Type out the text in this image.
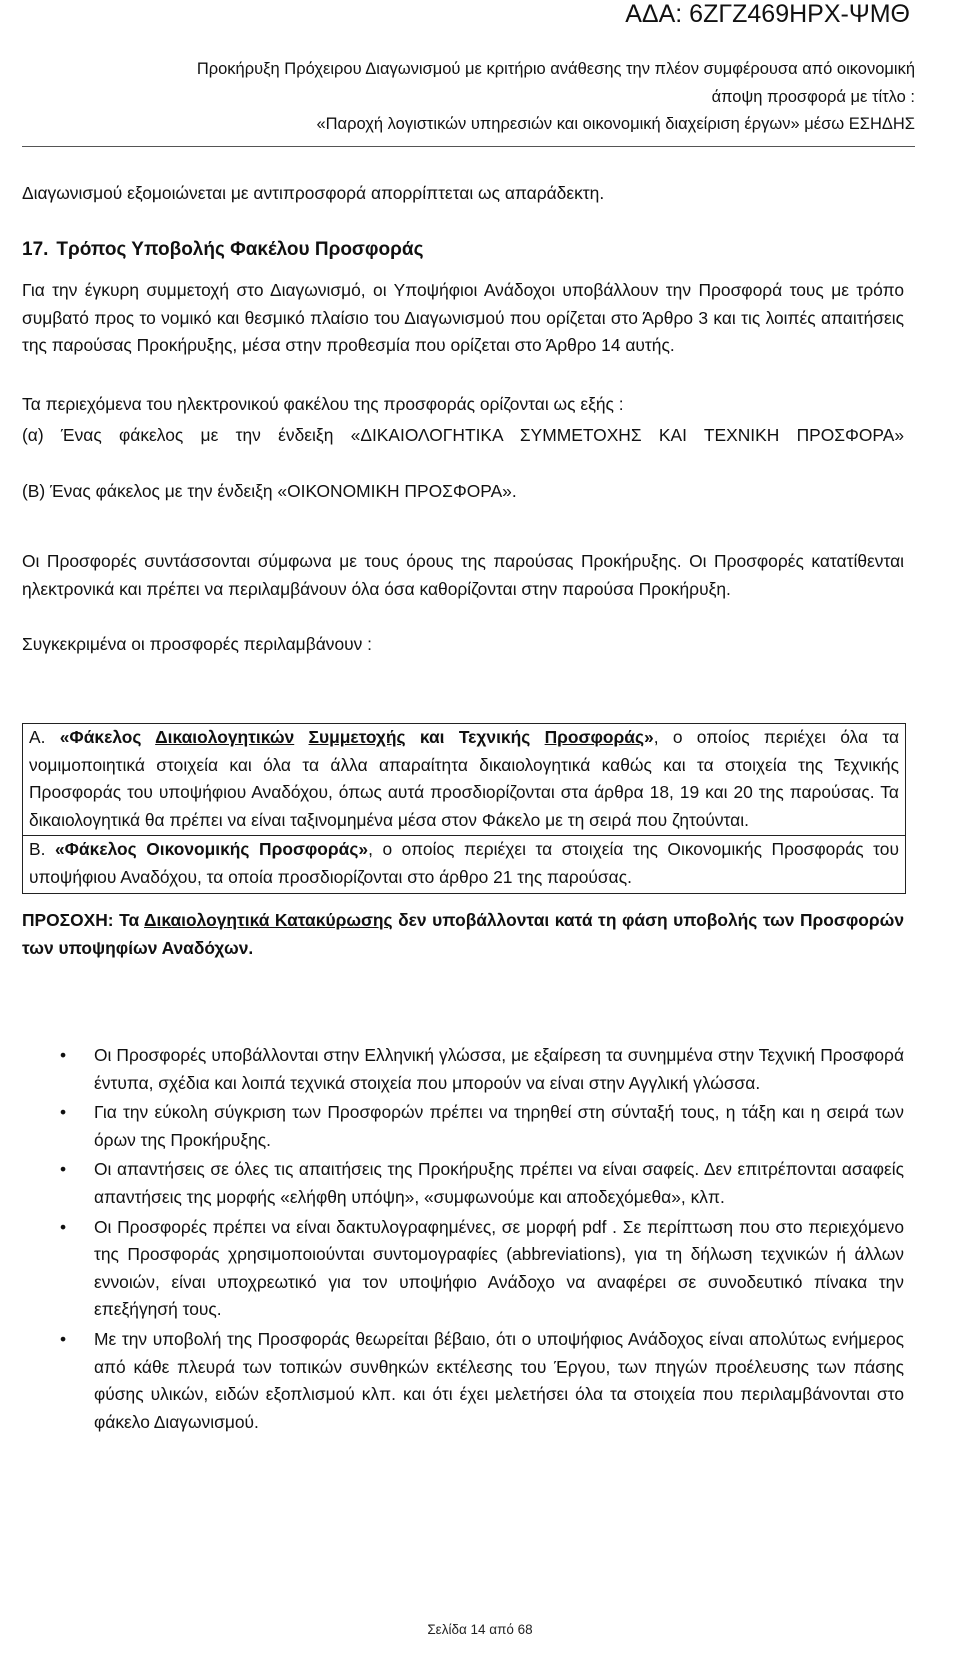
ΑΔΑ: 6ΖΓΖ469ΗΡΧ-ΨΜΘ
Προκήρυξη Πρόχειρου Διαγωνισμού με κριτήριο ανάθεσης την πλέον συμφέρουσα από οικονομική
άποψη προσφορά με τίτλο :
«Παροχή λογιστικών υπηρεσιών και οικονομική διαχείριση έργων» μέσω ΕΣΗΔΗΣ
Διαγωνισμού εξομοιώνεται με αντιπροσφορά απορρίπτεται ως απαράδεκτη.
17. Τρόπος Υποβολής Φακέλου Προσφοράς
Για την έγκυρη συμμετοχή στο Διαγωνισμό, οι Υποψήφιοι Ανάδοχοι υποβάλλουν την Προσφορά τους με τρόπο συμβατό προς το νομικό και θεσμικό πλαίσιο του Διαγωνισμού που ορίζεται στο Άρθρο 3 και τις λοιπές απαιτήσεις της παρούσας Προκήρυξης, μέσα στην προθεσμία που ορίζεται στο Άρθρο 14 αυτής.
Τα περιεχόμενα του ηλεκτρονικού φακέλου της προσφοράς ορίζονται ως εξής :
(α) Ένας φάκελος με την ένδειξη «ΔΙΚΑΙΟΛΟΓΗΤΙΚΑ ΣΥΜΜΕΤΟΧΗΣ ΚΑΙ ΤΕΧΝΙΚΗ ΠΡΟΣΦΟΡΑ»
(Β) Ένας φάκελος με την ένδειξη «ΟΙΚΟΝΟΜΙΚΗ ΠΡΟΣΦΟΡΑ».
Οι Προσφορές συντάσσονται σύμφωνα με τους όρους της παρούσας Προκήρυξης. Οι Προσφορές κατατίθενται ηλεκτρονικά και πρέπει να περιλαμβάνουν όλα όσα καθορίζονται στην παρούσα Προκήρυξη.
Συγκεκριμένα οι προσφορές περιλαμβάνουν :
Α. «Φάκελος Δικαιολογητικών Συμμετοχής και Τεχνικής Προσφοράς», ο οποίος περιέχει όλα τα νομιμοποιητικά στοιχεία και όλα τα άλλα απαραίτητα δικαιολογητικά καθώς και τα στοιχεία της Τεχνικής Προσφοράς του υποψήφιου Αναδόχου, όπως αυτά προσδιορίζονται στα άρθρα 18, 19 και 20 της παρούσας. Τα δικαιολογητικά θα πρέπει να είναι ταξινομημένα μέσα στον Φάκελο με τη σειρά που ζητούνται.
Β. «Φάκελος Οικονομικής Προσφοράς», ο οποίος περιέχει τα στοιχεία της Οικονομικής Προσφοράς του υποψήφιου Αναδόχου, τα οποία προσδιορίζονται στο άρθρο 21 της παρούσας.
ΠΡΟΣΟΧΗ: Τα Δικαιολογητικά Κατακύρωσης δεν υποβάλλονται κατά τη φάση υποβολής των Προσφορών των υποψηφίων Αναδόχων.
• Οι Προσφορές υποβάλλονται στην Ελληνική γλώσσα, με εξαίρεση τα συνημμένα στην Τεχνική Προσφορά έντυπα, σχέδια και λοιπά τεχνικά στοιχεία που μπορούν να είναι στην Αγγλική γλώσσα.
• Για την εύκολη σύγκριση των Προσφορών πρέπει να τηρηθεί στη σύνταξή τους, η τάξη και η σειρά των όρων της Προκήρυξης.
• Οι απαντήσεις σε όλες τις απαιτήσεις της Προκήρυξης πρέπει να είναι σαφείς. Δεν επιτρέπονται ασαφείς απαντήσεις της μορφής «ελήφθη υπόψη», «συμφωνούμε και αποδεχόμεθα», κλπ.
• Οι Προσφορές πρέπει να είναι δακτυλογραφημένες, σε μορφή pdf . Σε περίπτωση που στο περιεχόμενο της Προσφοράς χρησιμοποιούνται συντομογραφίες (abbreviations), για τη δήλωση τεχνικών ή άλλων εννοιών, είναι υποχρεωτικό για τον υποψήφιο Ανάδοχο να αναφέρει σε συνοδευτικό πίνακα την επεξήγησή τους.
• Με την υποβολή της Προσφοράς θεωρείται βέβαιο, ότι ο υποψήφιος Ανάδοχος είναι απολύτως ενήμερος από κάθε πλευρά των τοπικών συνθηκών εκτέλεσης του Έργου, των πηγών προέλευσης των πάσης φύσης υλικών, ειδών εξοπλισμού κλπ. και ότι έχει μελετήσει όλα τα στοιχεία που περιλαμβάνονται στο φάκελο Διαγωνισμού.
Σελίδα 14 από 68
